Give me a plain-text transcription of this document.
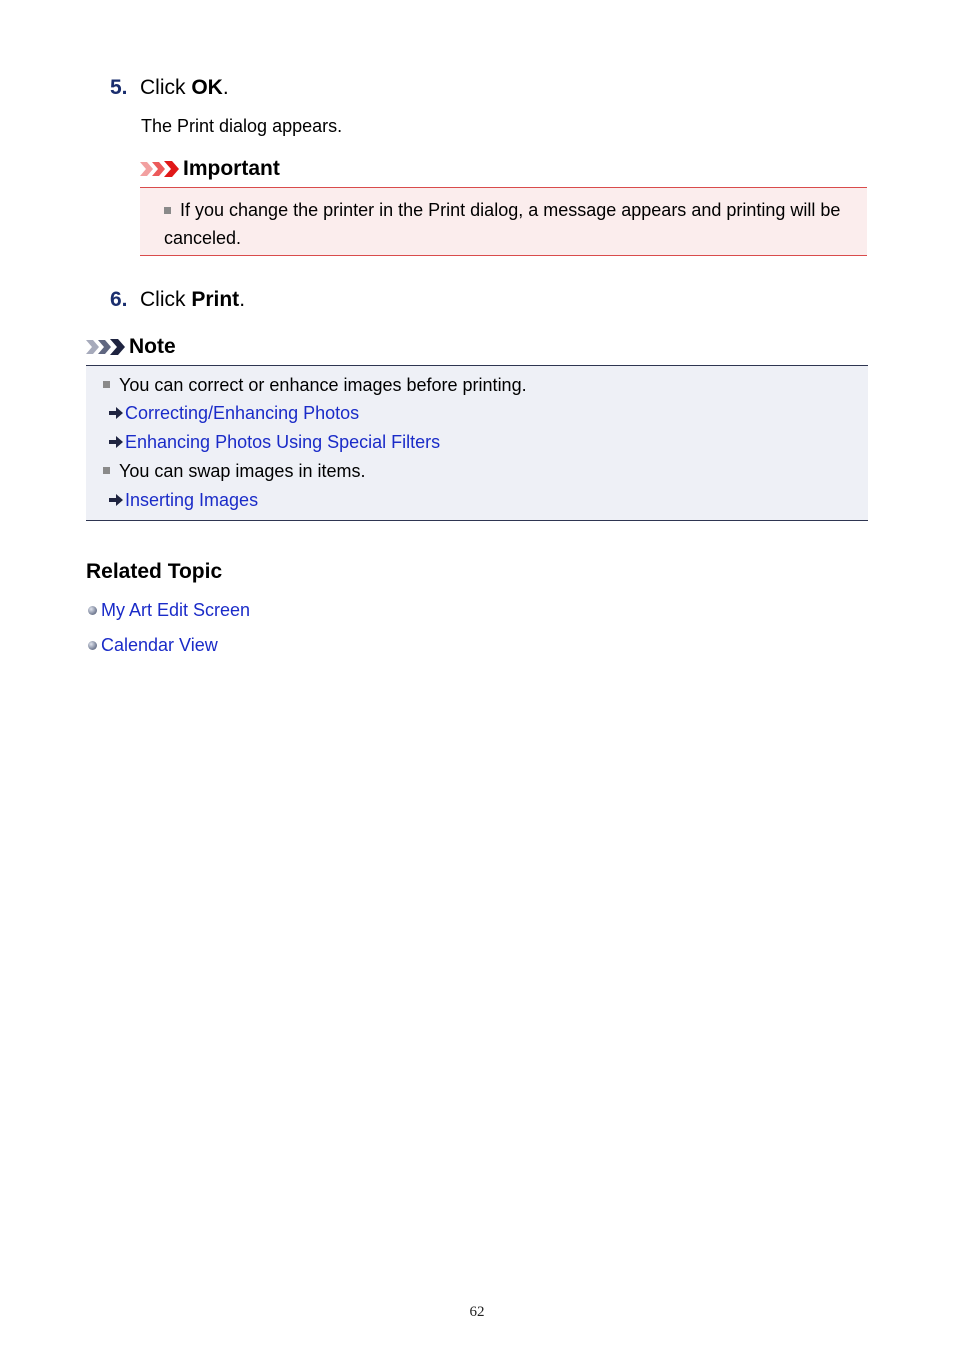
5. Click OK.
The Print dialog appears.
Important
If you change the printer in the Print dialog, a message appears and printing will be canceled.
6. Click Print.
Note
You can correct or enhance images before printing.
Correcting/Enhancing Photos
Enhancing Photos Using Special Filters
You can swap images in items.
Inserting Images
Related Topic
My Art Edit Screen
Calendar View
62
